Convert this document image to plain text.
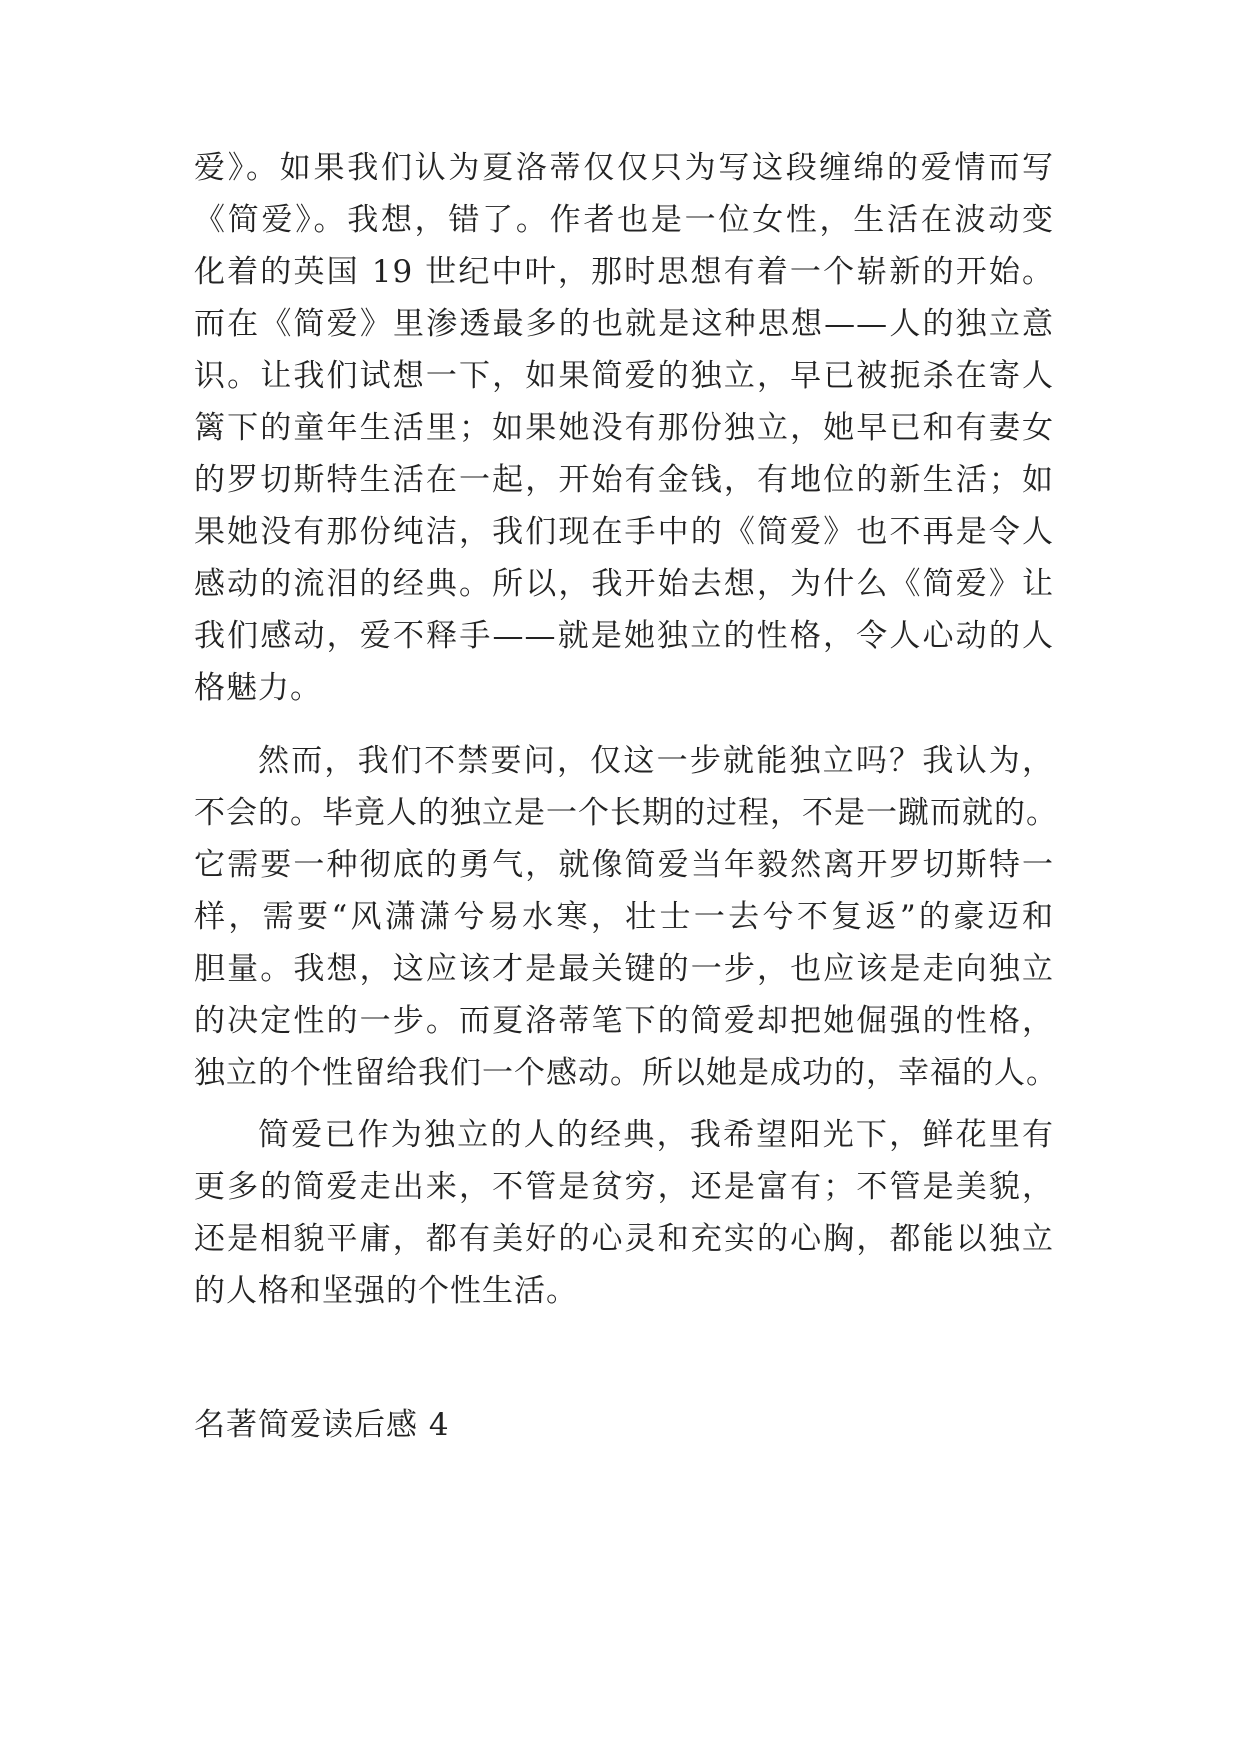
爱》。如果我们认为夏洛蒂仅仅只为写这段缠绵的爱情而写
《简爱》。我想，错了。作者也是一位女性，生活在波动变
化着的英国 19 世纪中叶，那时思想有着一个崭新的开始。
而在《简爱》里渗透最多的也就是这种思想——人的独立意
识。让我们试想一下，如果简爱的独立，早已被扼杀在寄人
篱下的童年生活里；如果她没有那份独立，她早已和有妻女
的罗切斯特生活在一起，开始有金钱，有地位的新生活；如
果她没有那份纯洁，我们现在手中的《简爱》也不再是令人
感动的流泪的经典。所以，我开始去想，为什么《简爱》让
我们感动，爱不释手——就是她独立的性格，令人心动的人
格魅力。
然而，我们不禁要问，仅这一步就能独立吗？我认为，
不会的。毕竟人的独立是一个长期的过程，不是一蹴而就的。
它需要一种彻底的勇气，就像简爱当年毅然离开罗切斯特一
样，需要“风潇潇兮易水寒，壮士一去兮不复返”的豪迈和
胆量。我想，这应该才是最关键的一步，也应该是走向独立
的决定性的一步。而夏洛蒂笔下的简爱却把她倔强的性格，
独立的个性留给我们一个感动。所以她是成功的，幸福的人。
简爱已作为独立的人的经典，我希望阳光下，鲜花里有
更多的简爱走出来，不管是贫穷，还是富有；不管是美貌，
还是相貌平庸，都有美好的心灵和充实的心胸，都能以独立
的人格和坚强的个性生活。
名著简爱读后感 4
